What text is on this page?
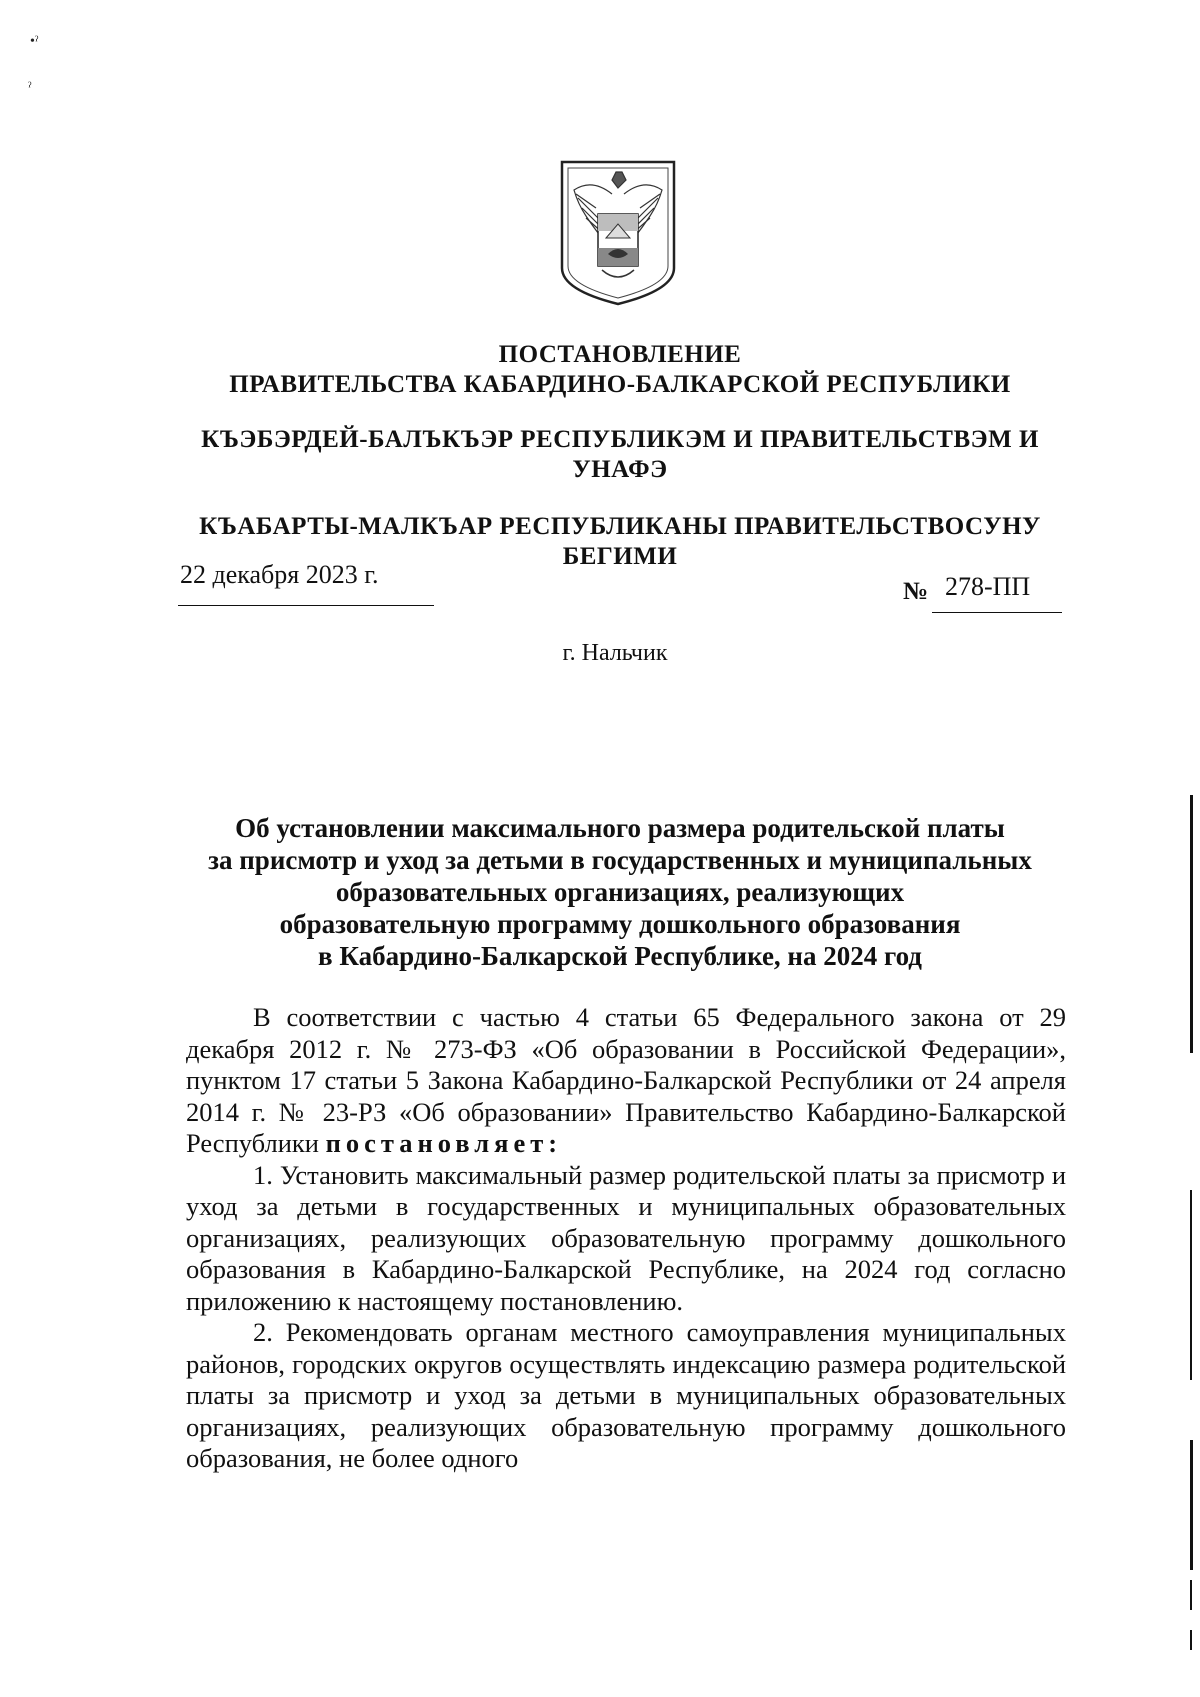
•ˀ
ˀ
ПОСТАНОВЛЕНИЕ
ПРАВИТЕЛЬСТВА КАБАРДИНО-БАЛКАРСКОЙ РЕСПУБЛИКИ
КЪЭБЭРДЕЙ-БАЛЪКЪЭР РЕСПУБЛИКЭМ И ПРАВИТЕЛЬСТВЭМ И
УНАФЭ
КЪАБАРТЫ-МАЛКЪАР РЕСПУБЛИКАНЫ ПРАВИТЕЛЬСТВОСУНУ
БЕГИМИ
22 декабря 2023 г.
№ 278-ПП
г. Нальчик
Об установлении максимального размера родительской платы
за присмотр и уход за детьми в государственных и муниципальных
образовательных организациях, реализующих
образовательную программу дошкольного образования
в Кабардино-Балкарской Республике, на 2024 год

В соответствии с частью 4 статьи 65 Федерального закона от 29 декабря 2012 г. № 273-ФЗ «Об образовании в Российской Федерации», пунктом 17 статьи 5 Закона Кабардино-Балкарской Республики от 24 апреля 2014 г. № 23-РЗ «Об образовании» Правительство Кабардино-Балкарской Республики постановляет:

1. Установить максимальный размер родительской платы за присмотр и уход за детьми в государственных и муниципальных образовательных организациях, реализующих образовательную программу дошкольного образования в Кабардино-Балкарской Республике, на 2024 год согласно приложению к настоящему постановлению.

2. Рекомендовать органам местного самоуправления муниципальных районов, городских округов осуществлять индексацию размера родительской платы за присмотр и уход за детьми в муниципальных образовательных организациях, реализующих образовательную программу дошкольного образования, не более одного
